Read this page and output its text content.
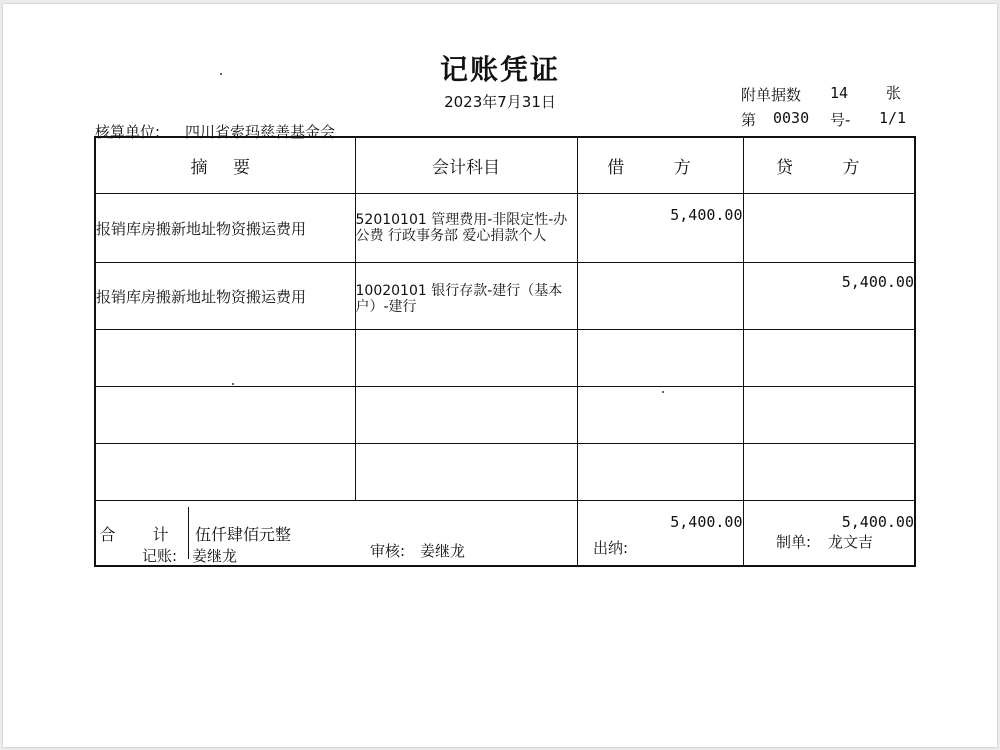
记账凭证
2023年7月31日	附单据数 14	张
第 0030 号- 1/1
核算单位: 四川省索玛慈善基金会
摘 要	会计科目	借 方	贷 方
报销库房搬新地址物资搬运费用	52010101 管理费用-非限定性-办公费 行政事务部 爱心捐款个人	5,400.00	
报销库房搬新地址物资搬运费用	10020101 银行存款-建行（基本户）-建行		5,400.00

合 计 伍仟肆佰元整		5,400.00	5,400.00
记账: 姜继龙	审核: 姜继龙	出纳:	制单: 龙文吉
